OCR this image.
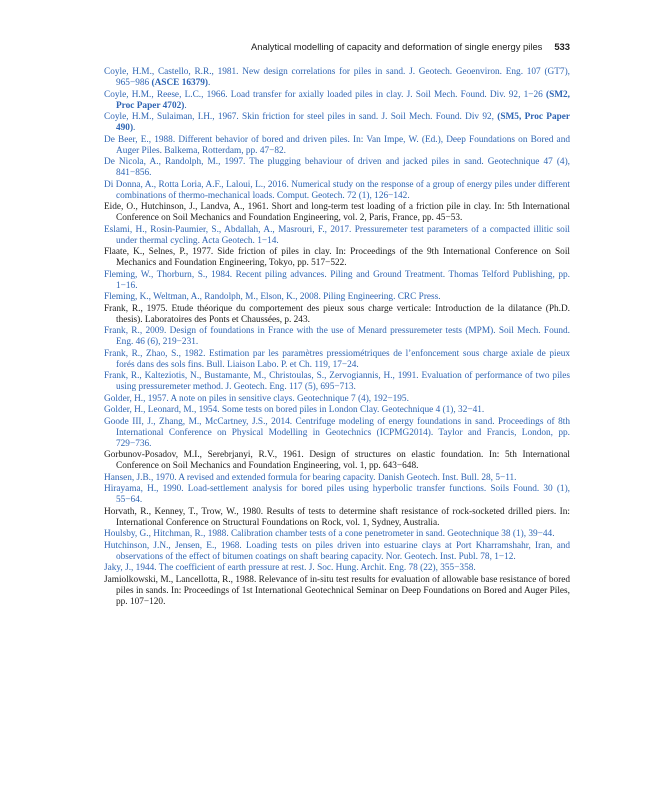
Analytical modelling of capacity and deformation of single energy piles 533
Coyle, H.M., Castello, R.R., 1981. New design correlations for piles in sand. J. Geotech. Geoenviron. Eng. 107 (GT7), 965−986 (ASCE 16379).
Coyle, H.M., Reese, L.C., 1966. Load transfer for axially loaded piles in clay. J. Soil Mech. Found. Div. 92, 1−26 (SM2, Proc Paper 4702).
Coyle, H.M., Sulaiman, I.H., 1967. Skin friction for steel piles in sand. J. Soil Mech. Found. Div 92, (SM5, Proc Paper 490).
De Beer, E., 1988. Different behavior of bored and driven piles. In: Van Impe, W. (Ed.), Deep Foundations on Bored and Auger Piles. Balkema, Rotterdam, pp. 47−82.
De Nicola, A., Randolph, M., 1997. The plugging behaviour of driven and jacked piles in sand. Geotechnique 47 (4), 841−856.
Di Donna, A., Rotta Loria, A.F., Laloui, L., 2016. Numerical study on the response of a group of energy piles under different combinations of thermo-mechanical loads. Comput. Geotech. 72 (1), 126−142.
Eide, O., Hutchinson, J., Landva, A., 1961. Short and long-term test loading of a friction pile in clay. In: 5th International Conference on Soil Mechanics and Foundation Engineering, vol. 2, Paris, France, pp. 45−53.
Eslami, H., Rosin-Paumier, S., Abdallah, A., Masrouri, F., 2017. Pressuremeter test parameters of a compacted illitic soil under thermal cycling. Acta Geotech. 1−14.
Flaate, K., Selnes, P., 1977. Side friction of piles in clay. In: Proceedings of the 9th International Conference on Soil Mechanics and Foundation Engineering, Tokyo, pp. 517−522.
Fleming, W., Thorburn, S., 1984. Recent piling advances. Piling and Ground Treatment. Thomas Telford Publishing, pp. 1−16.
Fleming, K., Weltman, A., Randolph, M., Elson, K., 2008. Piling Engineering. CRC Press.
Frank, R., 1975. Etude théorique du comportement des pieux sous charge verticale: Introduction de la dilatance (Ph.D. thesis). Laboratoires des Ponts et Chaussées, p. 243.
Frank, R., 2009. Design of foundations in France with the use of Menard pressuremeter tests (MPM). Soil Mech. Found. Eng. 46 (6), 219−231.
Frank, R., Zhao, S., 1982. Estimation par les paramètres pressiométriques de l’enfoncement sous charge axiale de pieux forés dans des sols fins. Bull. Liaison Labo. P. et Ch. 119, 17−24.
Frank, R., Kalteziotis, N., Bustamante, M., Christoulas, S., Zervogiannis, H., 1991. Evaluation of performance of two piles using pressuremeter method. J. Geotech. Eng. 117 (5), 695−713.
Golder, H., 1957. A note on piles in sensitive clays. Geotechnique 7 (4), 192−195.
Golder, H., Leonard, M., 1954. Some tests on bored piles in London Clay. Geotechnique 4 (1), 32−41.
Goode III, J., Zhang, M., McCartney, J.S., 2014. Centrifuge modeling of energy foundations in sand. Proceedings of 8th International Conference on Physical Modelling in Geotechnics (ICPMG2014). Taylor and Francis, London, pp. 729−736.
Gorbunov-Posadov, M.I., Serebrjanyi, R.V., 1961. Design of structures on elastic foundation. In: 5th International Conference on Soil Mechanics and Foundation Engineering, vol. 1, pp. 643−648.
Hansen, J.B., 1970. A revised and extended formula for bearing capacity. Danish Geotech. Inst. Bull. 28, 5−11.
Hirayama, H., 1990. Load-settlement analysis for bored piles using hyperbolic transfer functions. Soils Found. 30 (1), 55−64.
Horvath, R., Kenney, T., Trow, W., 1980. Results of tests to determine shaft resistance of rock-socketed drilled piers. In: International Conference on Structural Foundations on Rock, vol. 1, Sydney, Australia.
Houlsby, G., Hitchman, R., 1988. Calibration chamber tests of a cone penetrometer in sand. Geotechnique 38 (1), 39−44.
Hutchinson, J.N., Jensen, E., 1968. Loading tests on piles driven into estuarine clays at Port Kharramshahr, Iran, and observations of the effect of bitumen coatings on shaft bearing capacity. Nor. Geotech. Inst. Publ. 78, 1−12.
Jaky, J., 1944. The coefficient of earth pressure at rest. J. Soc. Hung. Archit. Eng. 78 (22), 355−358.
Jamiolkowski, M., Lancellotta, R., 1988. Relevance of in-situ test results for evaluation of allowable base resistance of bored piles in sands. In: Proceedings of 1st International Geotechnical Seminar on Deep Foundations on Bored and Auger Piles, pp. 107−120.
